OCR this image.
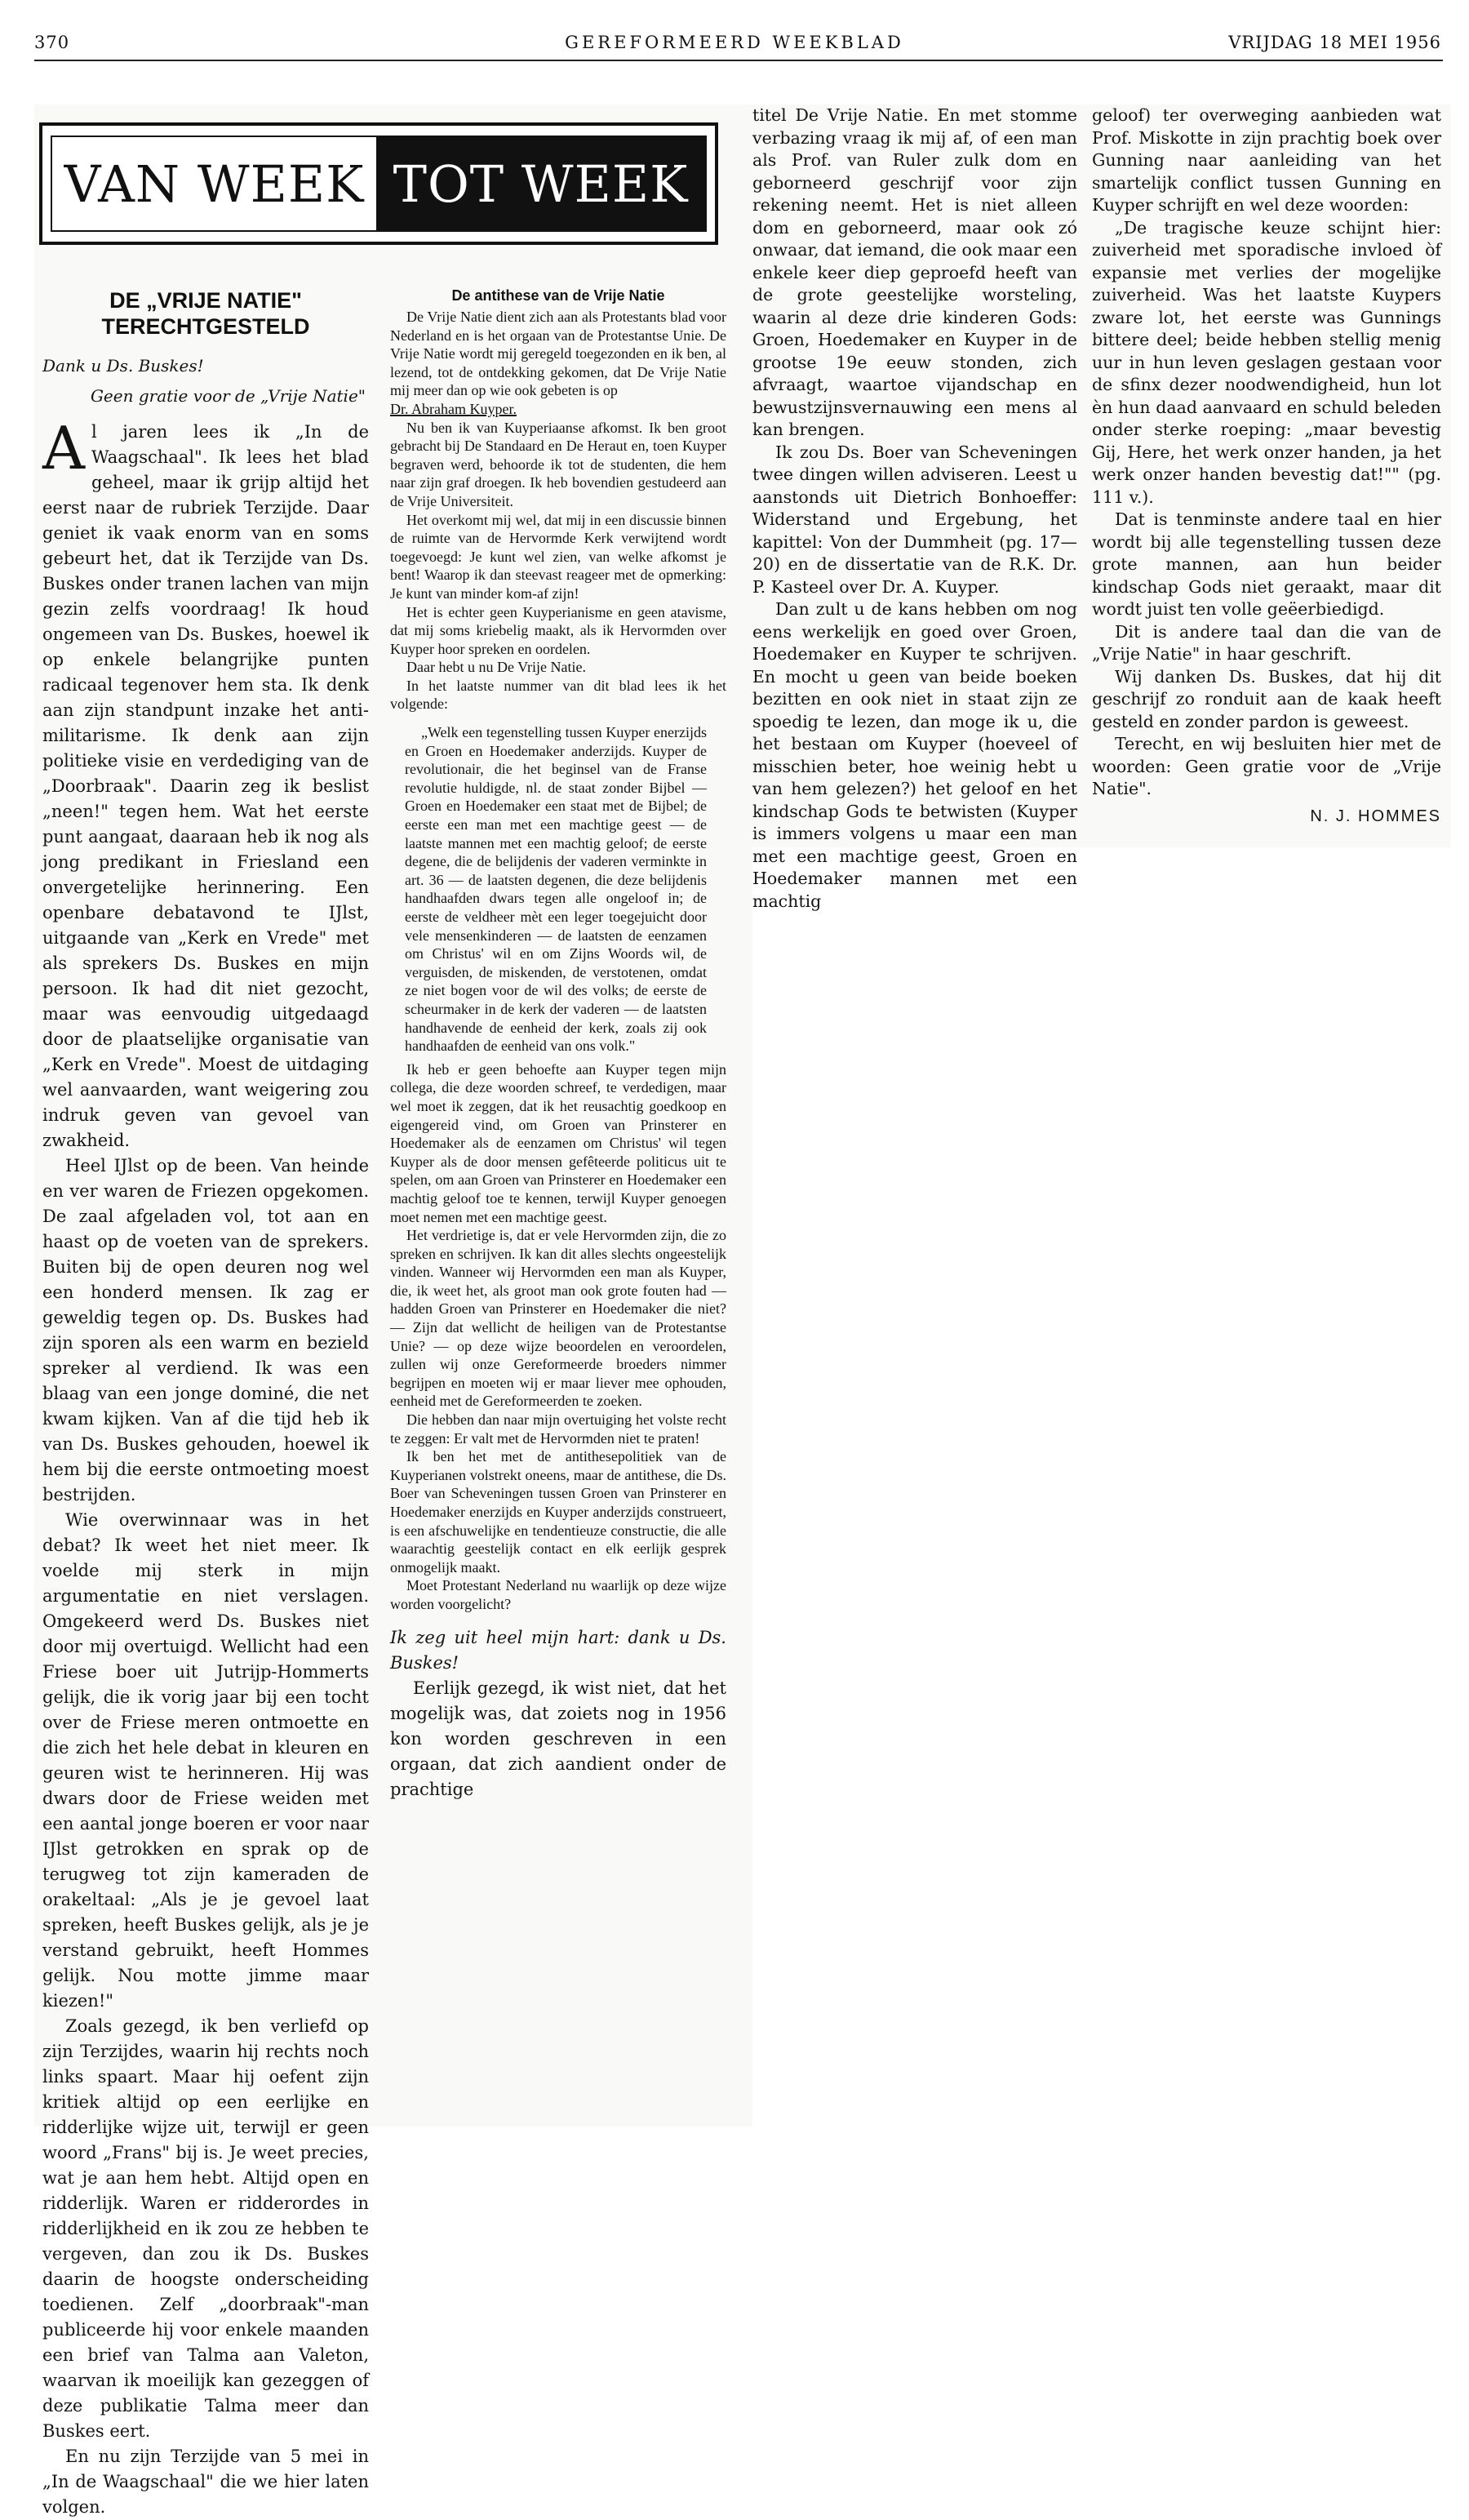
370	GEREFORMEERD WEEKBLAD	VRIJDAG 18 MEI 1956
VAN WEEK TOT WEEK
DE „VRIJE NATIE" TERECHTGESTELD
Dank u Ds. Buskes!
Geen gratie voor de „Vrije Natie"

Al jaren lees ik „In de Waagschaal". Ik lees het blad geheel, maar ik grijp altijd het eerst naar de rubriek Terzijde. Daar geniet ik vaak enorm van en soms gebeurt het, dat ik Terzijde van Ds. Buskes onder tranen lachen van mijn gezin zelfs voordraag! Ik houd ongemeen van Ds. Buskes, hoewel ik op enkele belangrijke punten radicaal tegenover hem sta. Ik denk aan zijn standpunt inzake het anti-militarisme. Ik denk aan zijn politieke visie en verdediging van de „Doorbraak". Daarin zeg ik beslist „neen!" tegen hem. Wat het eerste punt aangaat, daaraan heb ik nog als jong predikant in Friesland een onvergetelijke herinnering. Een openbare debatavond te IJlst, uitgaande van „Kerk en Vrede" met als sprekers Ds. Buskes en mijn persoon. Ik had dit niet gezocht, maar was eenvoudig uitgedaagd door de plaatselijke organisatie van „Kerk en Vrede". Moest de uitdaging wel aanvaarden, want weigering zou indruk geven van gevoel van zwakheid.

Heel IJlst op de been. Van heinde en ver waren de Friezen opgekomen. De zaal afgeladen vol, tot aan en haast op de voeten van de sprekers. Buiten bij de open deuren nog wel een honderd mensen. Ik zag er geweldig tegen op. Ds. Buskes had zijn sporen als een warm en bezield spreker al verdiend. Ik was een blaag van een jonge dominé, die net kwam kijken. Van af die tijd heb ik van Ds. Buskes gehouden, hoewel ik hem bij die eerste ontmoeting moest bestrijden.

Wie overwinnaar was in het debat? Ik weet het niet meer. Ik voelde mij sterk in mijn argumentatie en niet verslagen. Omgekeerd werd Ds. Buskes niet door mij overtuigd. Wellicht had een Friese boer uit Jutrijp-Hommerts gelijk, die ik vorig jaar bij een tocht over de Friese meren ontmoette en die zich het hele debat in kleuren en geuren wist te herinneren. Hij was dwars door de Friese weiden met een aantal jonge boeren er voor naar IJlst getrokken en sprak op de terugweg tot zijn kameraden de orakeltaal: „Als je je gevoel laat spreken, heeft Buskes gelijk, als je je verstand gebruikt, heeft Hommes gelijk. Nou motte jimme maar kiezen!"

Zoals gezegd, ik ben verliefd op zijn Terzijdes, waarin hij rechts noch links spaart. Maar hij oefent zijn kritiek altijd op een eerlijke en ridderlijke wijze uit, terwijl er geen woord „Frans" bij is. Je weet precies, wat je aan hem hebt. Altijd open en ridderlijk. Waren er ridderordes in ridderlijkheid en ik zou ze hebben te vergeven, dan zou ik Ds. Buskes daarin de hoogste onderscheiding toedienen. Zelf „doorbraak"-man publiceerde hij voor enkele maanden een brief van Talma aan Valeton, waarvan ik moeilijk kan gezeggen of deze publikatie Talma meer dan Buskes eert.

En nu zijn Terzijde van 5 mei in „In de Waagschaal" die we hier laten volgen.

De antithese van de Vrije Natie

De Vrije Natie dient zich aan als Protestants blad voor Nederland en is het orgaan van de Protestantse Unie. De Vrije Natie wordt mij geregeld toegezonden en ik ben, al lezend, tot de ontdekking gekomen, dat De Vrije Natie mij meer dan op wie ook gebeten is op

Dr. Abraham Kuyper.

Nu ben ik van Kuyperiaanse afkomst. Ik ben groot gebracht bij De Standaard en De Heraut en, toen Kuyper begraven werd, behoorde ik tot de studenten, die hem naar zijn graf droegen. Ik heb bovendien gestudeerd aan de Vrije Universiteit.

Het overkomt mij wel, dat mij in een discussie binnen de ruimte van de Hervormde Kerk verwijtend wordt toegevoegd: Je kunt wel zien, van welke afkomst je bent! Waarop ik dan steevast reageer met de opmerking: Je kunt van minder kom-af zijn!

Het is echter geen Kuyperianisme en geen atavisme, dat mij soms kriebelig maakt, als ik Hervormden over Kuyper hoor spreken en oordelen.

Daar hebt u nu De Vrije Natie.

In het laatste nummer van dit blad lees ik het volgende:

„Welk een tegenstelling tussen Kuyper enerzijds en Groen en Hoedemaker anderzijds. Kuyper de revolutionair, die het beginsel van de Franse revolutie huldigde, nl. de staat zonder Bijbel — Groen en Hoedemaker een staat met de Bijbel; de eerste een man met een machtige geest — de laatste mannen met een machtig geloof; de eerste degene, die de belijdenis der vaderen verminkte in art. 36 — de laatsten degenen, die deze belijdenis handhaafden dwars tegen alle ongeloof in; de eerste de veldheer mèt een leger toegejuicht door vele mensenkinderen — de laatsten de eenzamen om Christus' wil en om Zijns Woords wil, de verguisden, de miskenden, de verstotenen, omdat ze niet bogen voor de wil des volks; de eerste de scheurmaker in de kerk der vaderen — de laatsten handhavende de eenheid der kerk, zoals zij ook handhaafden de eenheid van ons volk."

Ik heb er geen behoefte aan Kuyper tegen mijn collega, die deze woorden schreef, te verdedigen, maar wel moet ik zeggen, dat ik het reusachtig goedkoop en eigengereid vind, om Groen van Prinsterer en Hoedemaker als de eenzamen om Christus' wil tegen Kuyper als de door mensen gefêteerde politicus uit te spelen, om aan Groen van Prinsterer en Hoedemaker een machtig geloof toe te kennen, terwijl Kuyper genoegen moet nemen met een machtige geest.

Het verdrietige is, dat er vele Hervormden zijn, die zo spreken en schrijven. Ik kan dit alles slechts ongeestelijk vinden. Wanneer wij Hervormden een man als Kuyper, die, ik weet het, als groot man ook grote fouten had — hadden Groen van Prinsterer en Hoedemaker die niet? — Zijn dat wellicht de heiligen van de Protestantse Unie? — op deze wijze beoordelen en veroordelen, zullen wij onze Gereformeerde broeders nimmer begrijpen en moeten wij er maar liever mee ophouden, eenheid met de Gereformeerden te zoeken.

Die hebben dan naar mijn overtuiging het volste recht te zeggen: Er valt met de Hervormden niet te praten!

Ik ben het met de antithesepolitiek van de Kuyperianen volstrekt oneens, maar de antithese, die Ds. Boer van Scheveningen tussen Groen van Prinsterer en Hoedemaker enerzijds en Kuyper anderzijds construeert, is een afschuwelijke en tendentieuze constructie, die alle waarachtig geestelijk contact en elk eerlijk gesprek onmogelijk maakt.

Moet Protestant Nederland nu waarlijk op deze wijze worden voorgelicht?

Ik zeg uit heel mijn hart: dank u Ds. Buskes!

Eerlijk gezegd, ik wist niet, dat het mogelijk was, dat zoiets nog in 1956 kon worden geschreven in een orgaan, dat zich aandient onder de prachtige

titel De Vrije Natie. En met stomme verbazing vraag ik mij af, of een man als Prof. van Ruler zulk dom en geborneerd geschrijf voor zijn rekening neemt. Het is niet alleen dom en geborneerd, maar ook zó onwaar, dat iemand, die ook maar een enkele keer diep geproefd heeft van de grote geestelijke worsteling, waarin al deze drie kinderen Gods: Groen, Hoedemaker en Kuyper in de grootse 19e eeuw stonden, zich afvraagt, waartoe vijandschap en bewustzijnsvernauwing een mens al kan brengen.

Ik zou Ds. Boer van Scheveningen twee dingen willen adviseren. Leest u aanstonds uit Dietrich Bonhoeffer: Widerstand und Ergebung, het kapittel: Von der Dummheit (pg. 17—20) en de dissertatie van de R.K. Dr. P. Kasteel over Dr. A. Kuyper.

Dan zult u de kans hebben om nog eens werkelijk en goed over Groen, Hoedemaker en Kuyper te schrijven. En mocht u geen van beide boeken bezitten en ook niet in staat zijn ze spoedig te lezen, dan moge ik u, die het bestaan om Kuyper (hoeveel of misschien beter, hoe weinig hebt u van hem gelezen?) het geloof en het kindschap Gods te betwisten (Kuyper is immers volgens u maar een man met een machtige geest, Groen en Hoedemaker mannen met een machtig

geloof) ter overweging aanbieden wat Prof. Miskotte in zijn prachtig boek over Gunning naar aanleiding van het smartelijk conflict tussen Gunning en Kuyper schrijft en wel deze woorden:

„De tragische keuze schijnt hier: zuiverheid met sporadische invloed òf expansie met verlies der mogelijke zuiverheid. Was het laatste Kuypers zware lot, het eerste was Gunnings bittere deel; beide hebben stellig menig uur in hun leven geslagen gestaan voor de sfinx dezer noodwendigheid, hun lot èn hun daad aanvaard en schuld beleden onder sterke roeping: „maar bevestig Gij, Here, het werk onzer handen, ja het werk onzer handen bevestig dat!"" (pg. 111 v.).

Dat is tenminste andere taal en hier wordt bij alle tegenstelling tussen deze grote mannen, aan hun beider kindschap Gods niet geraakt, maar dit wordt juist ten volle geëerbiedigd.

Dit is andere taal dan die van de „Vrije Natie" in haar geschrift.

Wij danken Ds. Buskes, dat hij dit geschrijf zo ronduit aan de kaak heeft gesteld en zonder pardon is geweest.

Terecht, en wij besluiten hier met de woorden: Geen gratie voor de „Vrije Natie".

N. J. HOMMES
